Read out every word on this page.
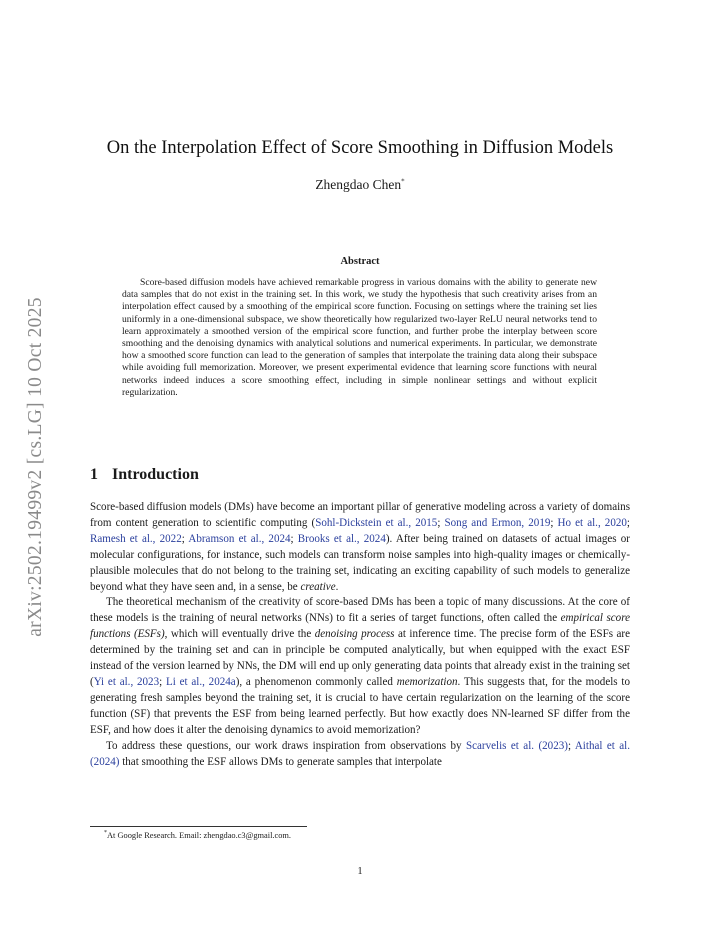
arXiv:2502.19499v2 [cs.LG] 10 Oct 2025
On the Interpolation Effect of Score Smoothing in Diffusion Models
Zhengdao Chen*
Abstract
Score-based diffusion models have achieved remarkable progress in various domains with the ability to generate new data samples that do not exist in the training set. In this work, we study the hypothesis that such creativity arises from an interpolation effect caused by a smoothing of the empirical score function. Focusing on settings where the training set lies uniformly in a one-dimensional subspace, we show theoretically how regularized two-layer ReLU neural networks tend to learn approximately a smoothed version of the empirical score function, and further probe the interplay between score smoothing and the denoising dynamics with analytical solutions and numerical experiments. In particular, we demonstrate how a smoothed score function can lead to the generation of samples that interpolate the training data along their subspace while avoiding full memorization. Moreover, we present experimental evidence that learning score functions with neural networks indeed induces a score smoothing effect, including in simple nonlinear settings and without explicit regularization.
1 Introduction

Score-based diffusion models (DMs) have become an important pillar of generative modeling across a variety of domains from content generation to scientific computing (Sohl-Dickstein et al., 2015; Song and Ermon, 2019; Ho et al., 2020; Ramesh et al., 2022; Abramson et al., 2024; Brooks et al., 2024). After being trained on datasets of actual images or molecular configurations, for instance, such models can transform noise samples into high-quality images or chemically-plausible molecules that do not belong to the training set, indicating an exciting capability of such models to generalize beyond what they have seen and, in a sense, be creative.

The theoretical mechanism of the creativity of score-based DMs has been a topic of many discussions. At the core of these models is the training of neural networks (NNs) to fit a series of target functions, often called the empirical score functions (ESFs), which will eventually drive the denoising process at inference time. The precise form of the ESFs are determined by the training set and can in principle be computed analytically, but when equipped with the exact ESF instead of the version learned by NNs, the DM will end up only generating data points that already exist in the training set (Yi et al., 2023; Li et al., 2024a), a phenomenon commonly called memorization. This suggests that, for the models to generating fresh samples beyond the training set, it is crucial to have certain regularization on the learning of the score function (SF) that prevents the ESF from being learned perfectly. But how exactly does NN-learned SF differ from the ESF, and how does it alter the denoising dynamics to avoid memorization?

To address these questions, our work draws inspiration from observations by Scarvelis et al. (2023); Aithal et al. (2024) that smoothing the ESF allows DMs to generate samples that interpolate

*At Google Research. Email: zhengdao.c3@gmail.com.
1
